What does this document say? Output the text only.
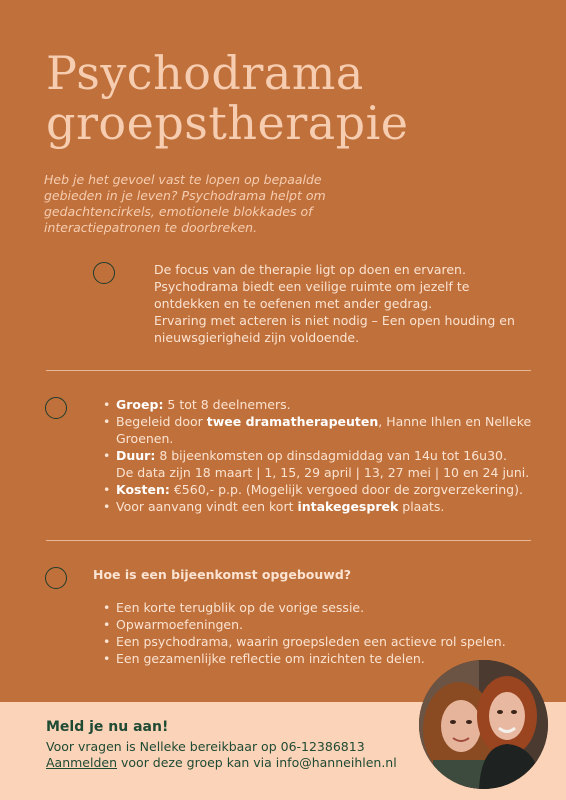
Psychodrama
groepstherapie

Heb je het gevoel vast te lopen op bepaalde gebieden in je leven? Psychodrama helpt om gedachtencirkels, emotionele blokkades of interactiepatronen te doorbreken.

De focus van de therapie ligt op doen en ervaren. Psychodrama biedt een veilige ruimte om jezelf te ontdekken en te oefenen met ander gedrag.

Ervaring met acteren is niet nodig – Een open houding en nieuwsgierigheid zijn voldoende.

• Groep: 5 tot 8 deelnemers.
• Begeleid door twee dramatherapeuten, Hanne Ihlen en Nelleke Groenen.
• Duur: 8 bijeenkomsten op dinsdagmiddag van 14u tot 16u30.
De data zijn 18 maart | 1, 15, 29 april | 13, 27 mei | 10 en 24 juni.
• Kosten: €560,- p.p. (Mogelijk vergoed door de zorgverzekering).
• Voor aanvang vindt een kort intakegesprek plaats.
Hoe is een bijeenkomst opgebouwd?
• Een korte terugblik op de vorige sessie.
• Opwarmoefeningen.
• Een psychodrama, waarin groepsleden een actieve rol spelen.
• Een gezamenlijke reflectie om inzichten te delen.

Meld je nu aan!

Voor vragen is Nelleke bereikbaar op 06-12386813

Aanmelden voor deze groep kan via info@hanneihlen.nl
